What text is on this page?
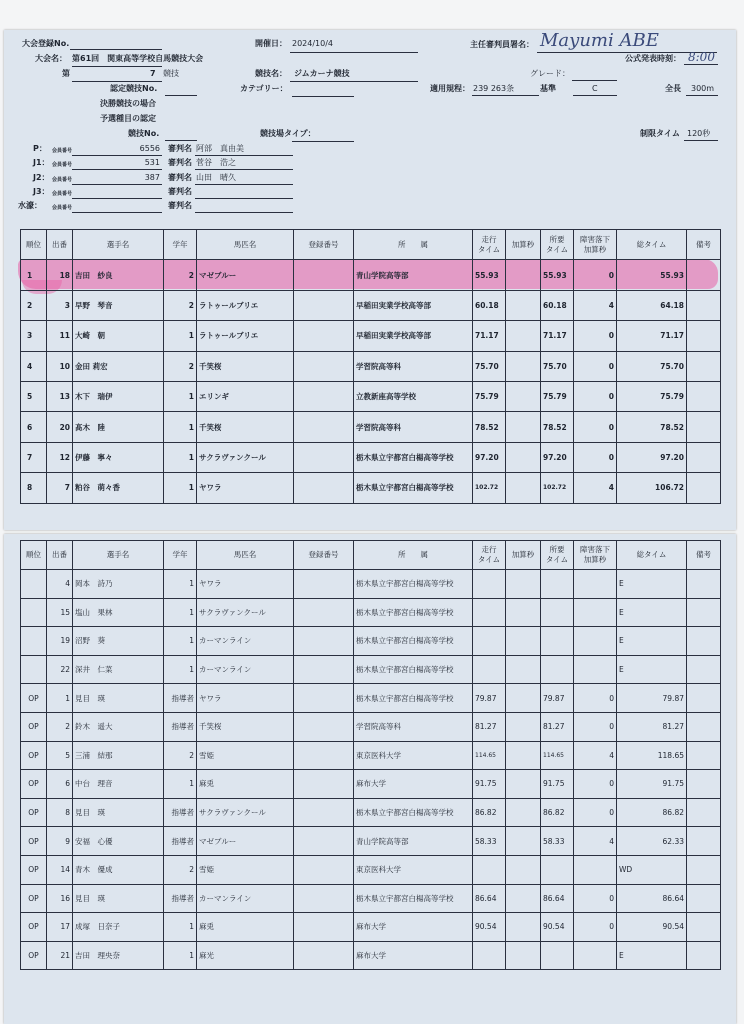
大会登録No.	開催日： 2024/10/4	主任審判員署名： Mayumi ABE
大会名： 第61回　関東高等学校自馬競技大会	公式発表時刻： 8:00
第	7 競技	競技名： ジムカーナ競技	グレード：
認定競技No.	カテゴリー：	適用規程： 239 263条	基準	C	全長 300m
決勝競技の場合
予選種目の認定
競技No.	競技場タイプ：	制限タイム 120秒
P： 会員番号	6556 審判名 阿部　真由美
J1： 会員番号	531 審判名 菅谷　浩之
J2： 会員番号	387 審判名 山田　晴久
J3： 会員番号	審判名
水濠： 会員番号	審判名
順位	出番	選手名	学年	馬匹名	登録番号	所　　属	走行
タイム	加算秒	所要
タイム	障害落下
加算秒	総タイム	備考
1	18	吉田　紗良	2	マゼブルー		青山学院高等部	55.93		55.93	0	55.93	
2	3	早野　琴音	2	ラトゥールブリエ		早稲田実業学校高等部	60.18		60.18	4	64.18	
3	11	大崎　朝	1	ラトゥールブリエ		早稲田実業学校高等部	71.17		71.17	0	71.17	
4	10	金田 莉宏	2	千笑桜		学習院高等科	75.70		75.70	0	75.70	
5	13	木下　瑞伊	1	エリンギ		立教新座高等学校	75.79		75.79	0	75.79	
6	20	髙木　陸	1	千笑桜		学習院高等科	78.52		78.52	0	78.52	
7	12	伊藤　寧々	1	サクラヴァンクール		栃木県立宇都宮白楊高等学校	97.20		97.20	0	97.20	
8	7	粕谷　萌々香	1	ヤワラ		栃木県立宇都宮白楊高等学校	102.72		102.72	4	106.72	
順位	出番	選手名	学年	馬匹名	登録番号	所　　属	走行
タイム	加算秒	所要
タイム	障害落下
加算秒	総タイム	備考
	4	岡本　詩乃	1	ヤワラ		栃木県立宇都宮白楊高等学校					E	
	15	塩山　果林	1	サクラヴァンクール		栃木県立宇都宮白楊高等学校					E	
	19	沼野　葵	1	カーマンライン		栃木県立宇都宮白楊高等学校					E	
	22	深井　仁菜	1	カーマンライン		栃木県立宇都宮白楊高等学校					E	
OP	1	見目　瑛	指導者	ヤワラ		栃木県立宇都宮白楊高等学校	79.87		79.87	0	79.87	
OP	2	鈴木　遥大	指導者	千笑桜		学習院高等科	81.27		81.27	0	81.27	
OP	5	三浦　結那	2	雪姫		東京医科大学	114.65		114.65	4	118.65	
OP	6	中台　理音	1	麻兎		麻布大学	91.75		91.75	0	91.75	
OP	8	見目　瑛	指導者	サクラヴァンクール		栃木県立宇都宮白楊高等学校	86.82		86.82	0	86.82	
OP	9	安福　心優	指導者	マゼブルー		青山学院高等部	58.33		58.33	4	62.33	
OP	14	青木　優成	2	雪姫		東京医科大学					WD	
OP	16	見目　瑛	指導者	カーマンライン		栃木県立宇都宮白楊高等学校	86.64		86.64	0	86.64	
OP	17	成塚　日奈子	1	麻兎		麻布大学	90.54		90.54	0	90.54	
OP	21	吉田　理央奈	1	麻光		麻布大学					E	
